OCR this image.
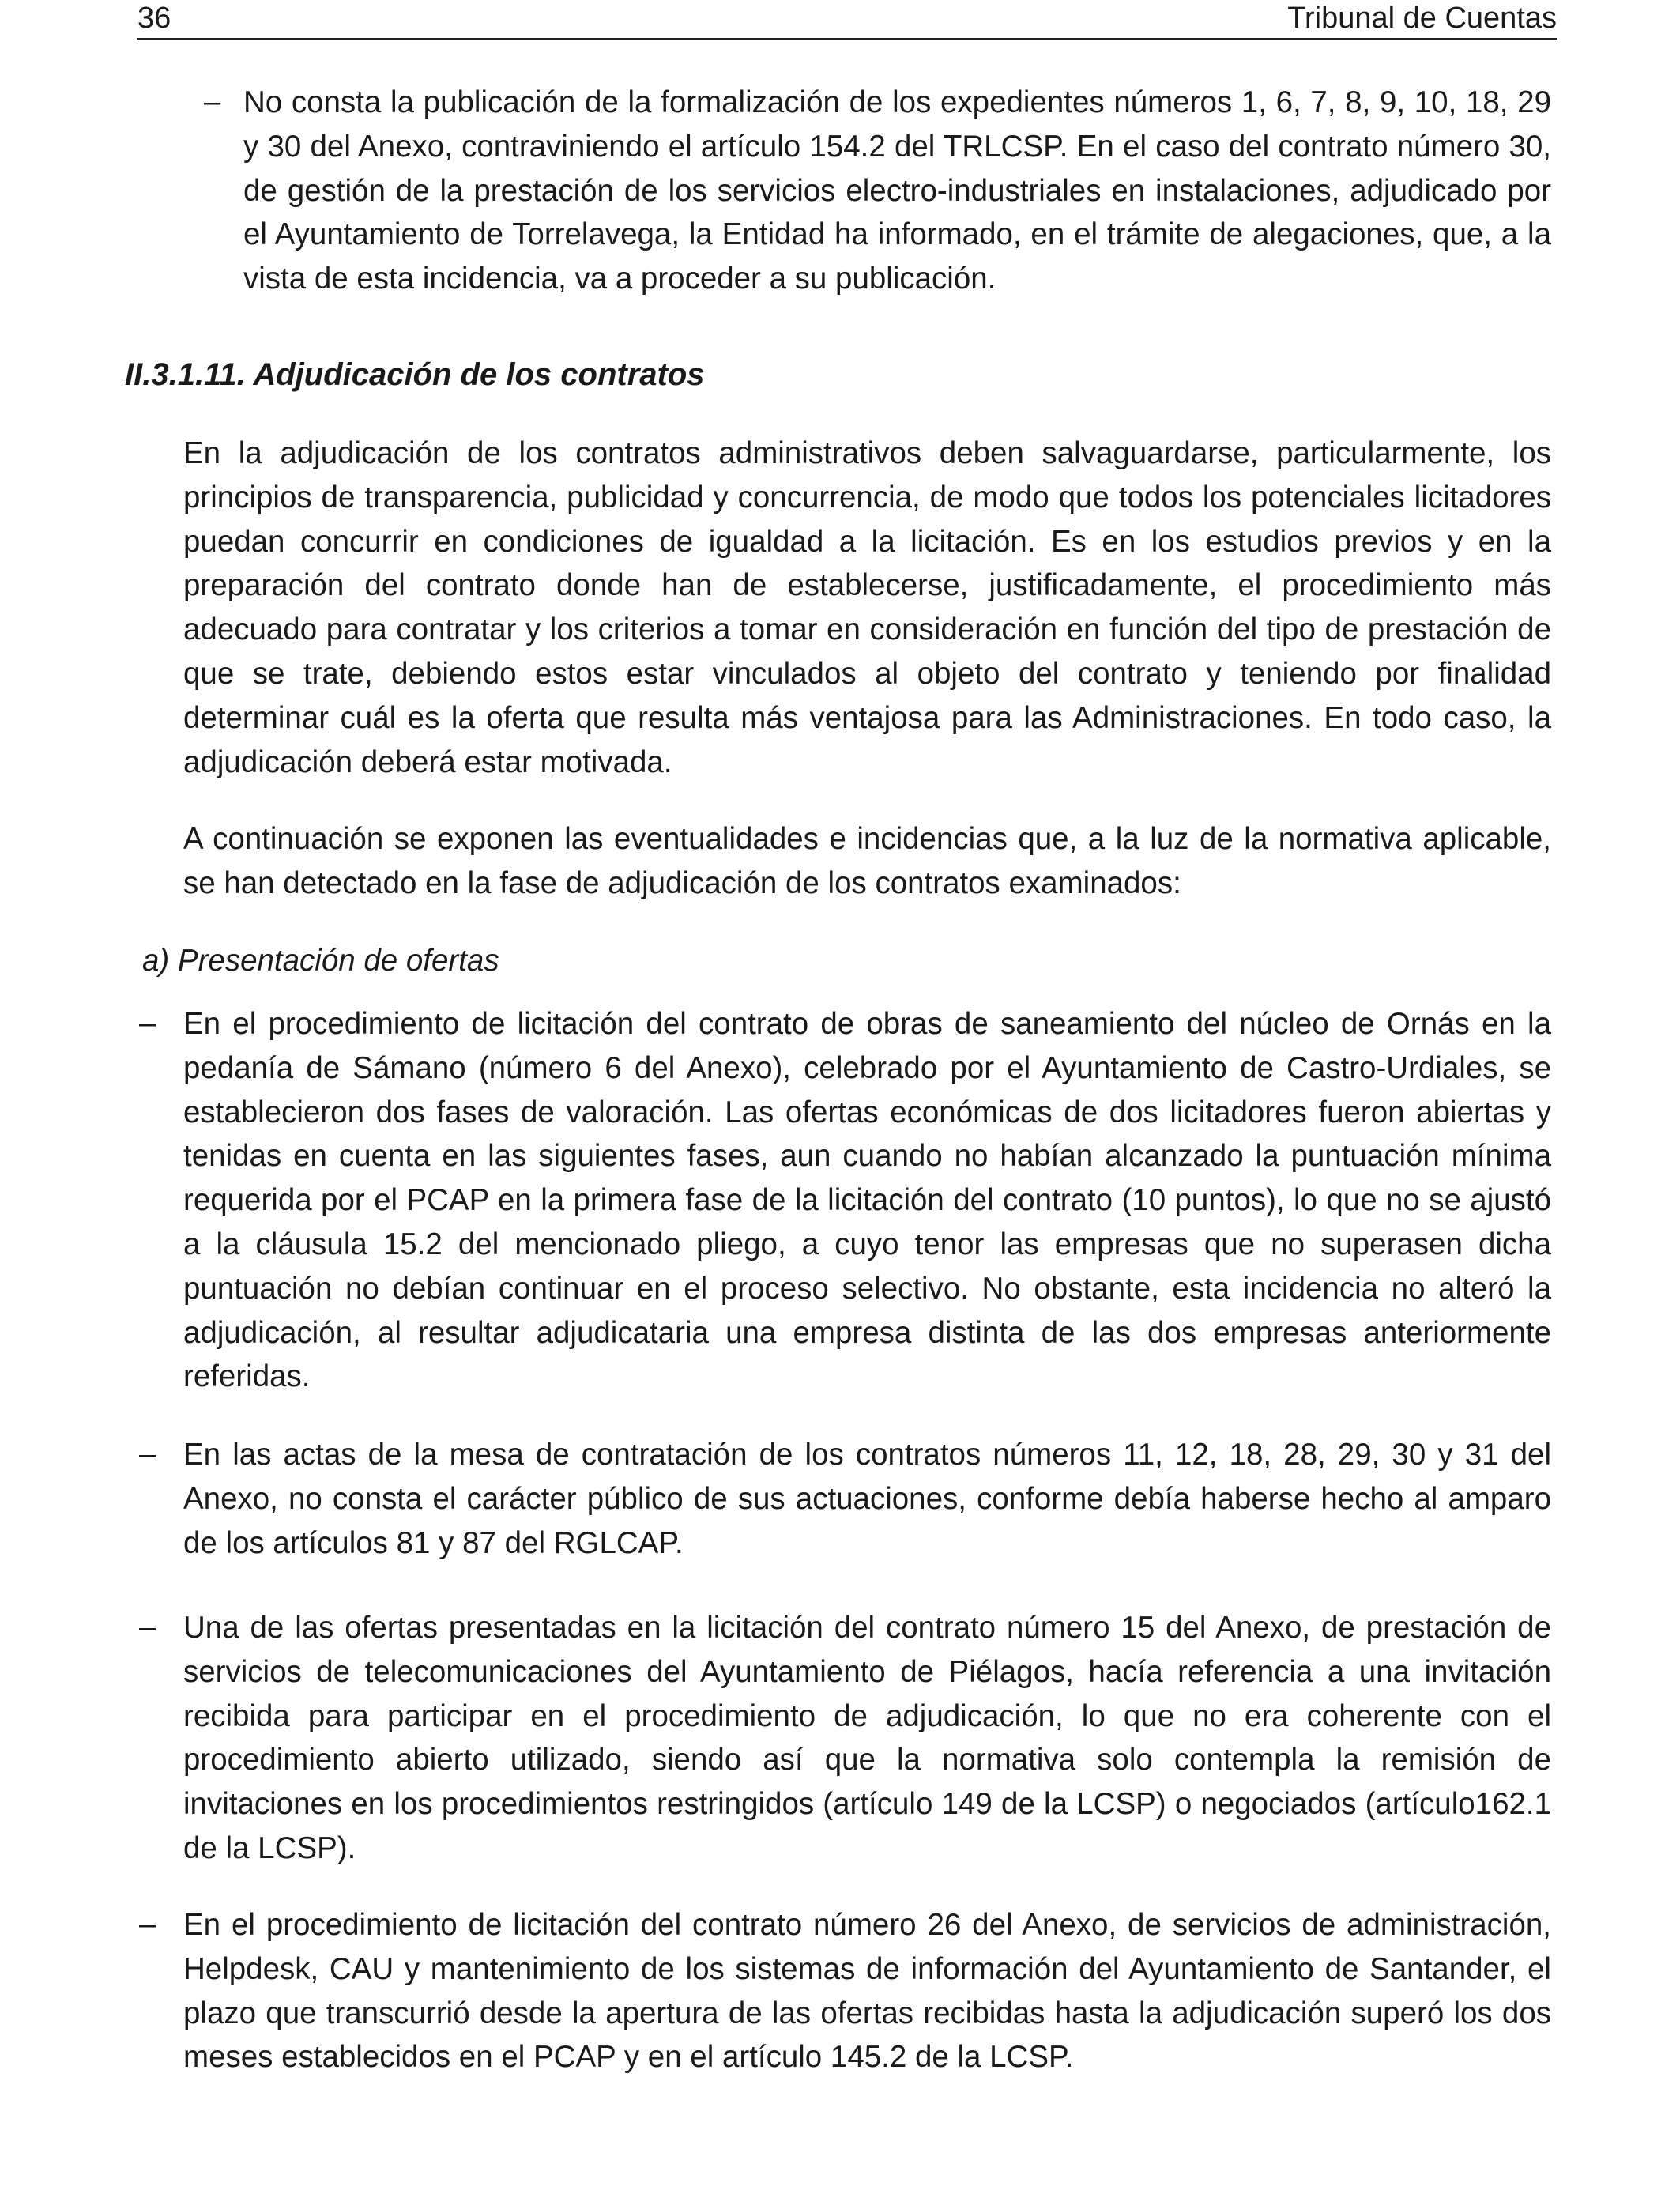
36	Tribunal de Cuentas
– No consta la publicación de la formalización de los expedientes números 1, 6, 7, 8, 9, 10, 18, 29 y 30 del Anexo, contraviniendo el artículo 154.2 del TRLCSP. En el caso del contrato número 30, de gestión de la prestación de los servicios electro-industriales en instalaciones, adjudicado por el Ayuntamiento de Torrelavega, la Entidad ha informado, en el trámite de alegaciones, que, a la vista de esta incidencia, va a proceder a su publicación.

II.3.1.11. Adjudicación de los contratos

En la adjudicación de los contratos administrativos deben salvaguardarse, particularmente, los principios de transparencia, publicidad y concurrencia, de modo que todos los potenciales licitadores puedan concurrir en condiciones de igualdad a la licitación. Es en los estudios previos y en la preparación del contrato donde han de establecerse, justificadamente, el procedimiento más adecuado para contratar y los criterios a tomar en consideración en función del tipo de prestación de que se trate, debiendo estos estar vinculados al objeto del contrato y teniendo por finalidad determinar cuál es la oferta que resulta más ventajosa para las Administraciones. En todo caso, la adjudicación deberá estar motivada.

A continuación se exponen las eventualidades e incidencias que, a la luz de la normativa aplicable, se han detectado en la fase de adjudicación de los contratos examinados:

a) Presentación de ofertas

– En el procedimiento de licitación del contrato de obras de saneamiento del núcleo de Ornás en la pedanía de Sámano (número 6 del Anexo), celebrado por el Ayuntamiento de Castro-Urdiales, se establecieron dos fases de valoración. Las ofertas económicas de dos licitadores fueron abiertas y tenidas en cuenta en las siguientes fases, aun cuando no habían alcanzado la puntuación mínima requerida por el PCAP en la primera fase de la licitación del contrato (10 puntos), lo que no se ajustó a la cláusula 15.2 del mencionado pliego, a cuyo tenor las empresas que no superasen dicha puntuación no debían continuar en el proceso selectivo. No obstante, esta incidencia no alteró la adjudicación, al resultar adjudicataria una empresa distinta de las dos empresas anteriormente referidas.

– En las actas de la mesa de contratación de los contratos números 11, 12, 18, 28, 29, 30 y 31 del Anexo, no consta el carácter público de sus actuaciones, conforme debía haberse hecho al amparo de los artículos 81 y 87 del RGLCAP.

– Una de las ofertas presentadas en la licitación del contrato número 15 del Anexo, de prestación de servicios de telecomunicaciones del Ayuntamiento de Piélagos, hacía referencia a una invitación recibida para participar en el procedimiento de adjudicación, lo que no era coherente con el procedimiento abierto utilizado, siendo así que la normativa solo contempla la remisión de invitaciones en los procedimientos restringidos (artículo 149 de la LCSP) o negociados (artículo162.1 de la LCSP).

– En el procedimiento de licitación del contrato número 26 del Anexo, de servicios de administración, Helpdesk, CAU y mantenimiento de los sistemas de información del Ayuntamiento de Santander, el plazo que transcurrió desde la apertura de las ofertas recibidas hasta la adjudicación superó los dos meses establecidos en el PCAP y en el artículo 145.2 de la LCSP.
